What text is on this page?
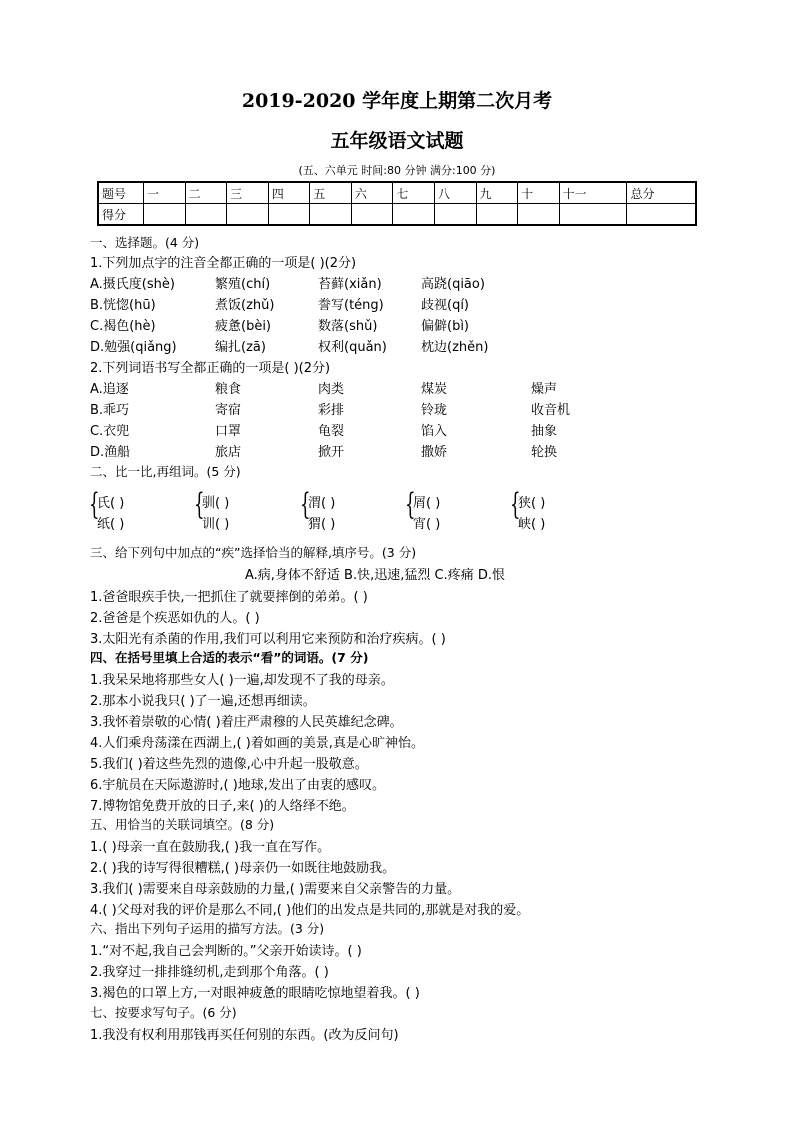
2019-2020 学年度上期第二次月考
五年级语文试题
(五、六单元 时间:80 分钟 满分:100 分)
题号	一	二	三	四	五	六	七	八	九	十	十一	总分
得分												
一、选择题。(4 分)
1.下列加点字的注音全都正确的一项是( )(2分)
A.摄氏度(shè)	繁殖(chí)	苔藓(xiǎn)	高跷(qiāo)
B.恍惚(hū)	煮饭(zhǔ)	誊写(téng)	歧视(qí)
C.褐色(hè)	疲惫(bèi)	数落(shǔ)	偏僻(bì)
D.勉强(qiǎng)	编扎(zā)	权利(quǎn)	枕边(zhěn)
2.下列词语书写全都正确的一项是( )(2分)
A.追逐	粮食	肉类	煤炭	燥声
B.乖巧	寄宿	彩排	铃珑	收音机
C.衣兜	口罩	龟裂	馅入	抽象
D.渔船	旅店	掀开	撒娇	轮换
二、比一比,再组词。(5 分)
{
氏( )
纸( )
{
驯( )
训( )
{
渭( )
猬( )
{
屑( )
宵( )
{
狭( )
峡( )
三、给下列句中加点的“疾”选择恰当的解释,填序号。(3 分)
A.病,身体不舒适 B.快,迅速,猛烈 C.疼痛 D.恨
1.爸爸眼疾手快,一把抓住了就要摔倒的弟弟。( )
2.爸爸是个疾恶如仇的人。( )
3.太阳光有杀菌的作用,我们可以利用它来预防和治疗疾病。( )
四、在括号里填上合适的表示“看”的词语。(7 分)
1.我呆呆地将那些女人( )一遍,却发现不了我的母亲。
2.那本小说我只( )了一遍,还想再细读。
3.我怀着崇敬的心情( )着庄严肃穆的人民英雄纪念碑。
4.人们乘舟荡漾在西湖上,( )着如画的美景,真是心旷神怡。
5.我们( )着这些先烈的遗像,心中升起一股敬意。
6.宇航员在天际遨游时,( )地球,发出了由衷的感叹。
7.博物馆免费开放的日子,来( )的人络绎不绝。
五、用恰当的关联词填空。(8 分)
1.( )母亲一直在鼓励我,( )我一直在写作。
2.( )我的诗写得很糟糕,( )母亲仍一如既往地鼓励我。
3.我们( )需要来自母亲鼓励的力量,( )需要来自父亲警告的力量。
4.( )父母对我的评价是那么不同,( )他们的出发点是共同的,那就是对我的爱。
六、指出下列句子运用的描写方法。(3 分)
1.“对不起,我自己会判断的。”父亲开始读诗。( )
2.我穿过一排排缝纫机,走到那个角落。( )
3.褐色的口罩上方,一对眼神疲惫的眼睛吃惊地望着我。( )
七、按要求写句子。(6 分)
1.我没有权利用那钱再买任何别的东西。(改为反问句)
